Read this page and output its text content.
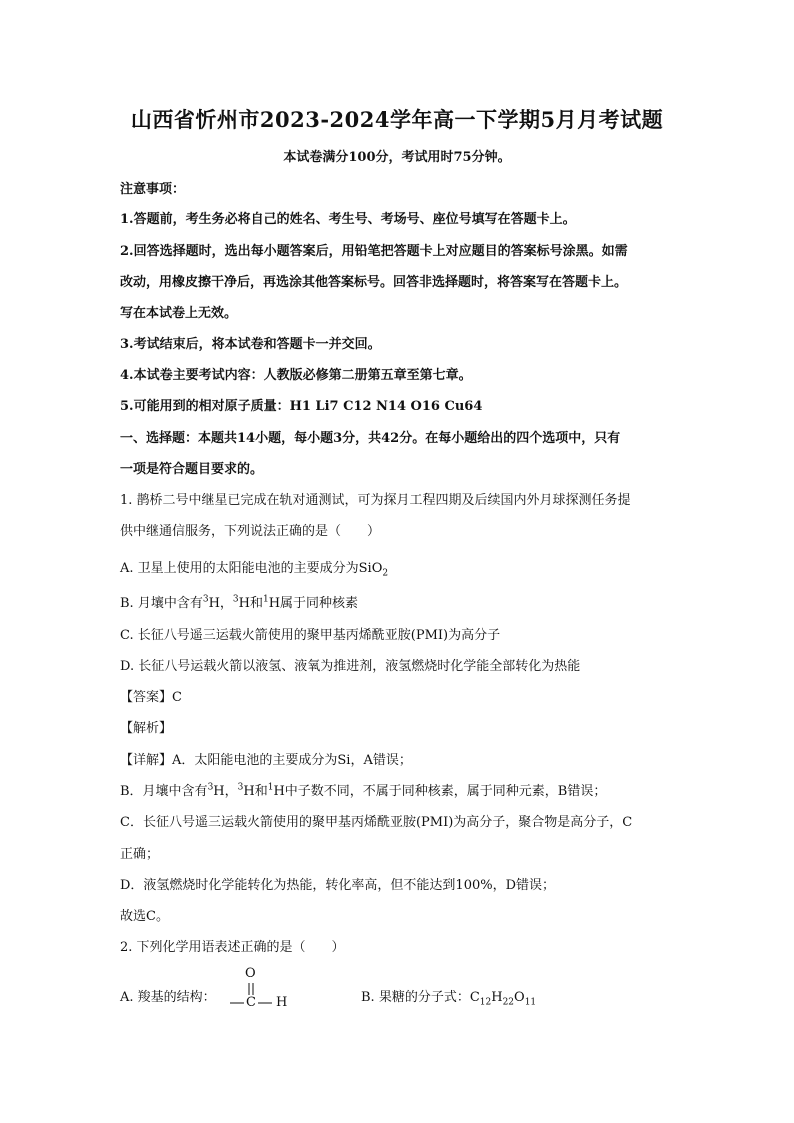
山西省忻州市2023-2024学年高一下学期5月月考试题
本试卷满分100分，考试用时75分钟。
注意事项：
1.答题前，考生务必将自己的姓名、考生号、考场号、座位号填写在答题卡上。
2.回答选择题时，选出每小题答案后，用铅笔把答题卡上对应题目的答案标号涂黑。如需
改动，用橡皮擦干净后，再选涂其他答案标号。回答非选择题时，将答案写在答题卡上。
写在本试卷上无效。
3.考试结束后，将本试卷和答题卡一并交回。
4.本试卷主要考试内容：人教版必修第二册第五章至第七章。
5.可能用到的相对原子质量：H1 Li7 C12 N14 O16 Cu64
一、选择题：本题共14小题，每小题3分，共42分。在每小题给出的四个选项中，只有
一项是符合题目要求的。
1. 鹊桥二号中继星已完成在轨对通测试，可为探月工程四期及后续国内外月球探测任务提
供中继通信服务，下列说法正确的是（　　）
A. 卫星上使用的太阳能电池的主要成分为SiO$_2$
B. 月壤中含有$^3$H，$^3$H和$^1$H属于同种核素
C. 长征八号遥三运载火箭使用的聚甲基丙烯酰亚胺(PMI)为高分子
D. 长征八号运载火箭以液氢、液氧为推进剂，液氢燃烧时化学能全部转化为热能
【答案】C
【解析】
【详解】A．太阳能电池的主要成分为Si，A错误；
B．月壤中含有$^3$H，$^3$H和$^1$H中子数不同，不属于同种核素，属于同种元素，B错误；
C．长征八号遥三运载火箭使用的聚甲基丙烯酰亚胺(PMI)为高分子，聚合物是高分子，C
正确；
D．液氢燃烧时化学能转化为热能，转化率高，但不能达到100%，D错误；
故选C。
2. 下列化学用语表述正确的是（　　）
A. 羧基的结构：
O
C H	B. 果糖的分子式：$C_{12}H_{22}O_{11}$
